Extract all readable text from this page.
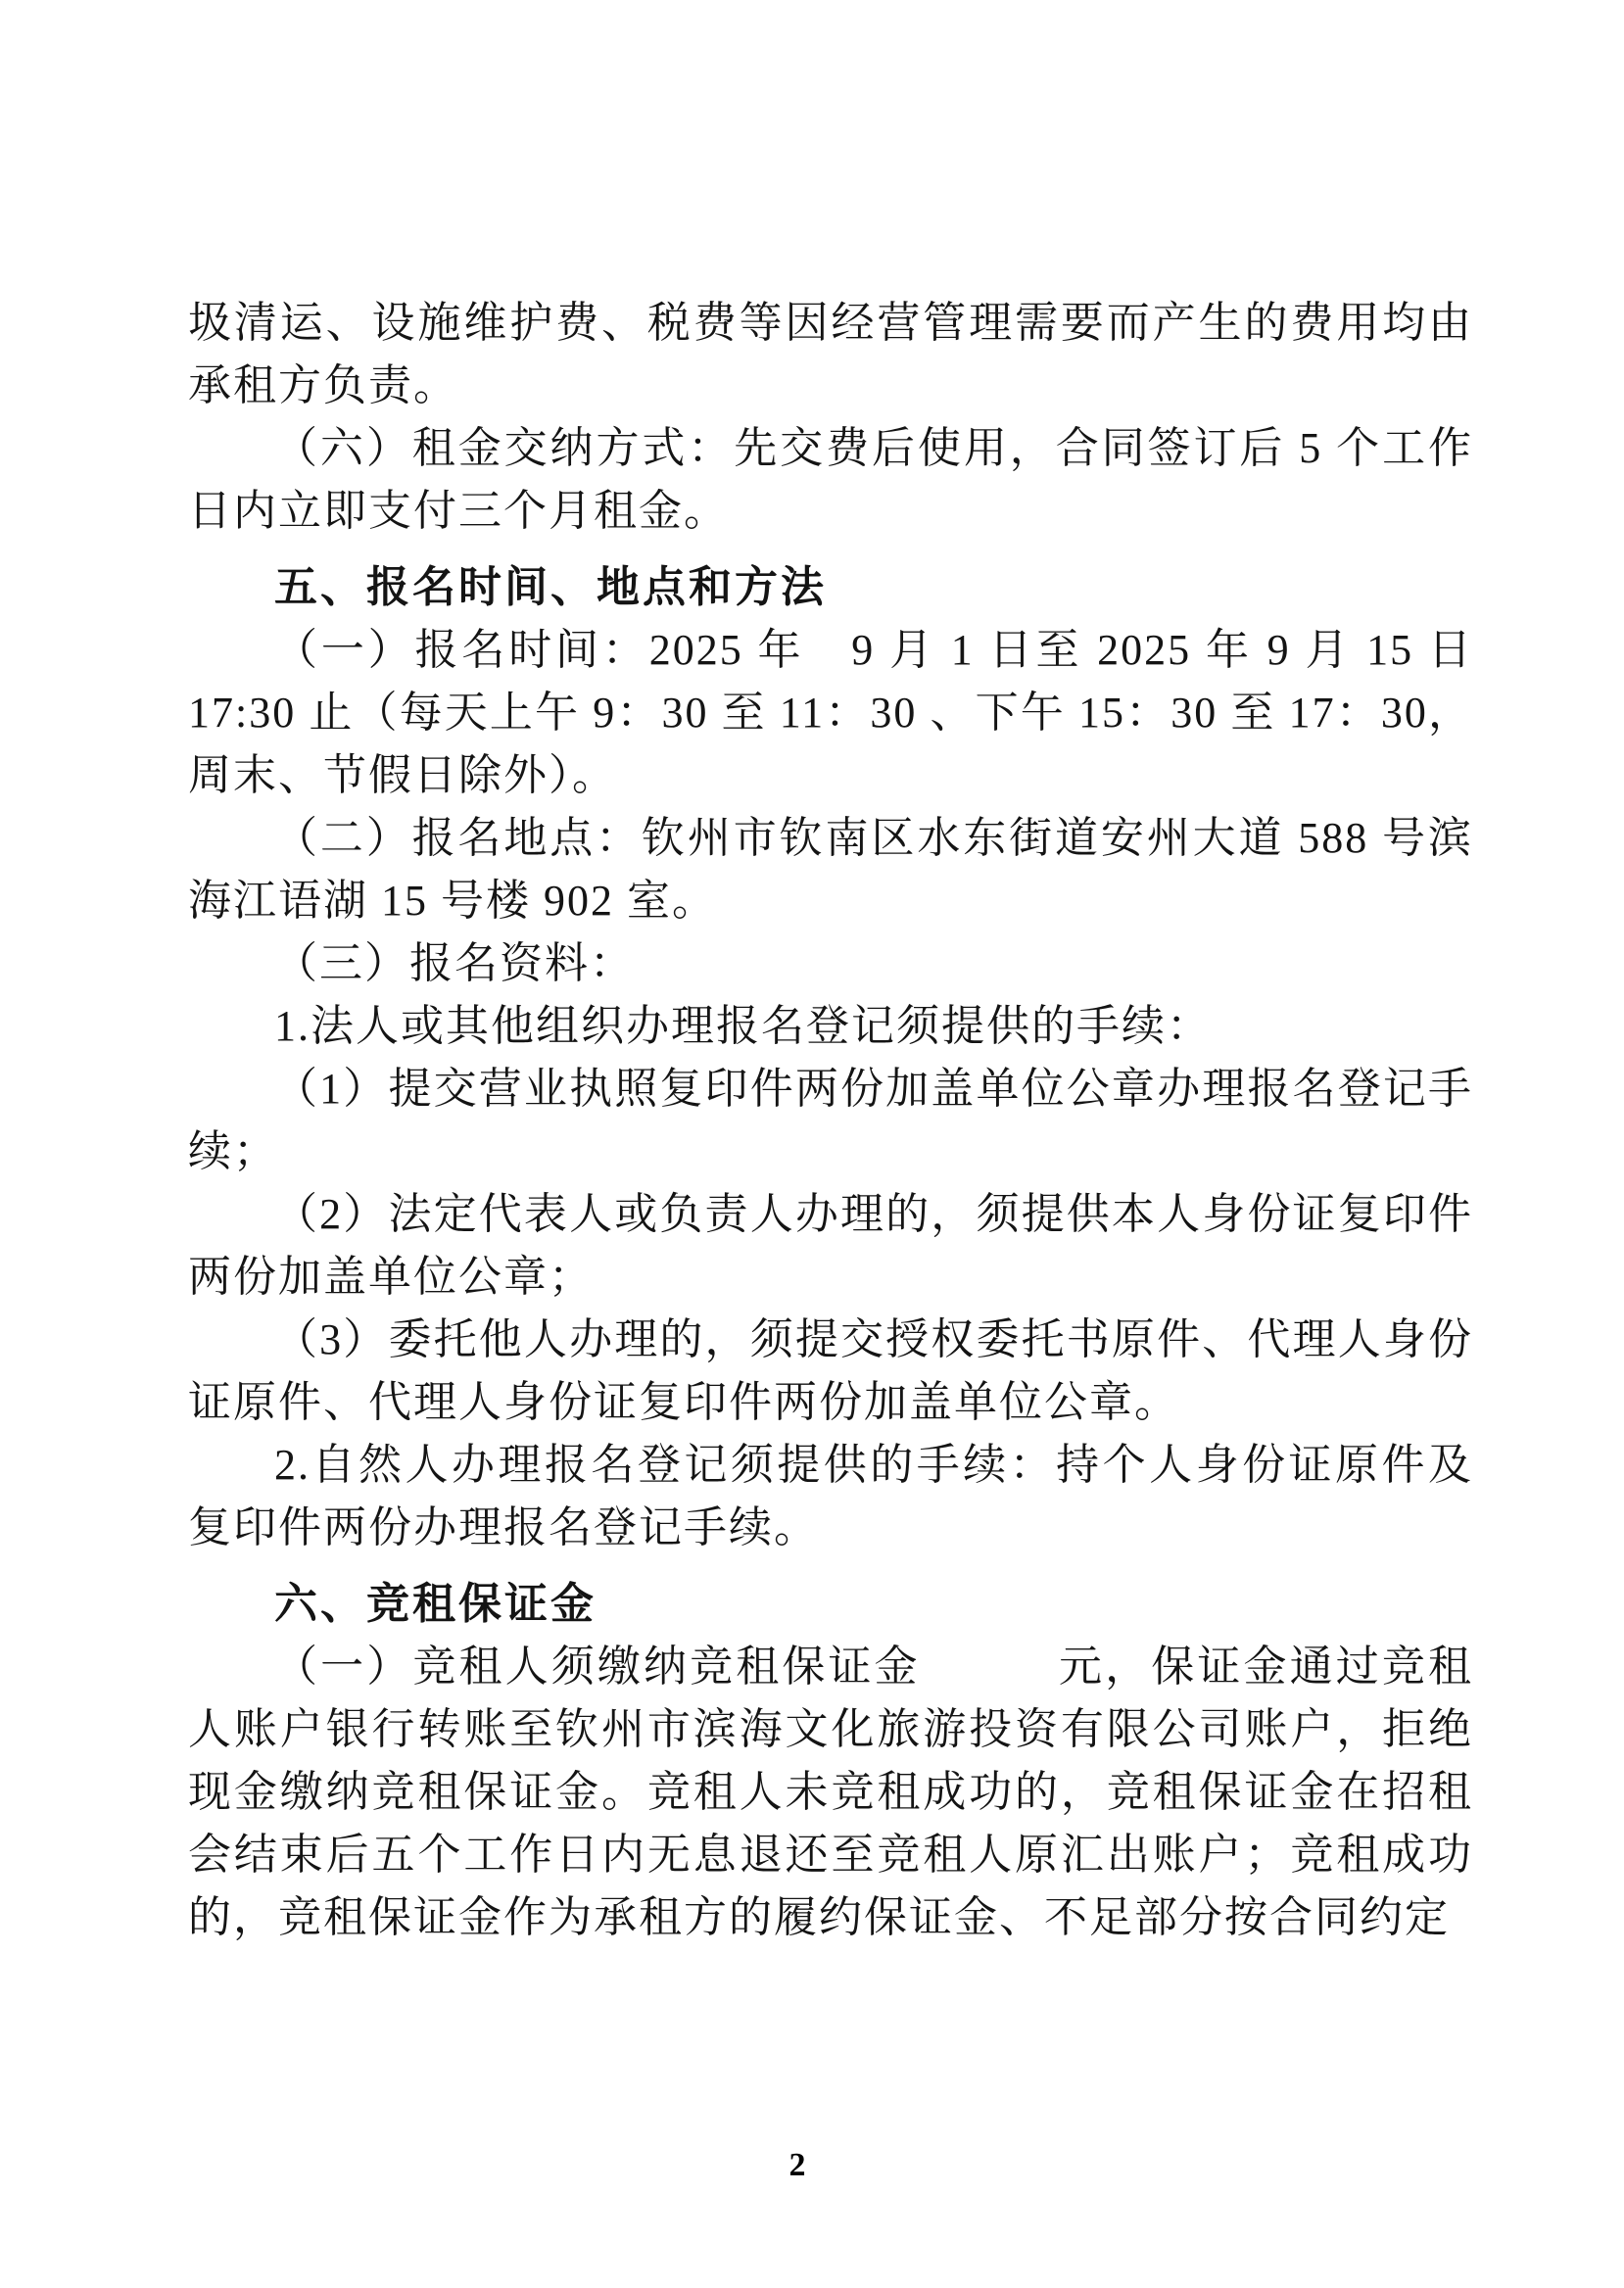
圾清运、设施维护费、税费等因经营管理需要而产生的费用均由承租方负责。

（六）租金交纳方式：先交费后使用，合同签订后 5 个工作日内立即支付三个月租金。

五、报名时间、地点和方法

（一）报名时间：2025 年　9 月 1 日至 2025 年 9 月 15 日 17:30 止（每天上午 9：30 至 11：30 、下午 15：30 至 17：30，周末、节假日除外）。

（二）报名地点：钦州市钦南区水东街道安州大道 588 号滨海江语湖 15 号楼 902 室。

（三）报名资料：

1.法人或其他组织办理报名登记须提供的手续：

（1）提交营业执照复印件两份加盖单位公章办理报名登记手续；

（2）法定代表人或负责人办理的，须提供本人身份证复印件两份加盖单位公章；

（3）委托他人办理的，须提交授权委托书原件、代理人身份证原件、代理人身份证复印件两份加盖单位公章。

2.自然人办理报名登记须提供的手续：持个人身份证原件及复印件两份办理报名登记手续。

六、竞租保证金

（一）竞租人须缴纳竞租保证金　　　元，保证金通过竞租人账户银行转账至钦州市滨海文化旅游投资有限公司账户，拒绝现金缴纳竞租保证金。竞租人未竞租成功的，竞租保证金在招租会结束后五个工作日内无息退还至竞租人原汇出账户；竞租成功的，竞租保证金作为承租方的履约保证金、不足部分按合同约定

2
